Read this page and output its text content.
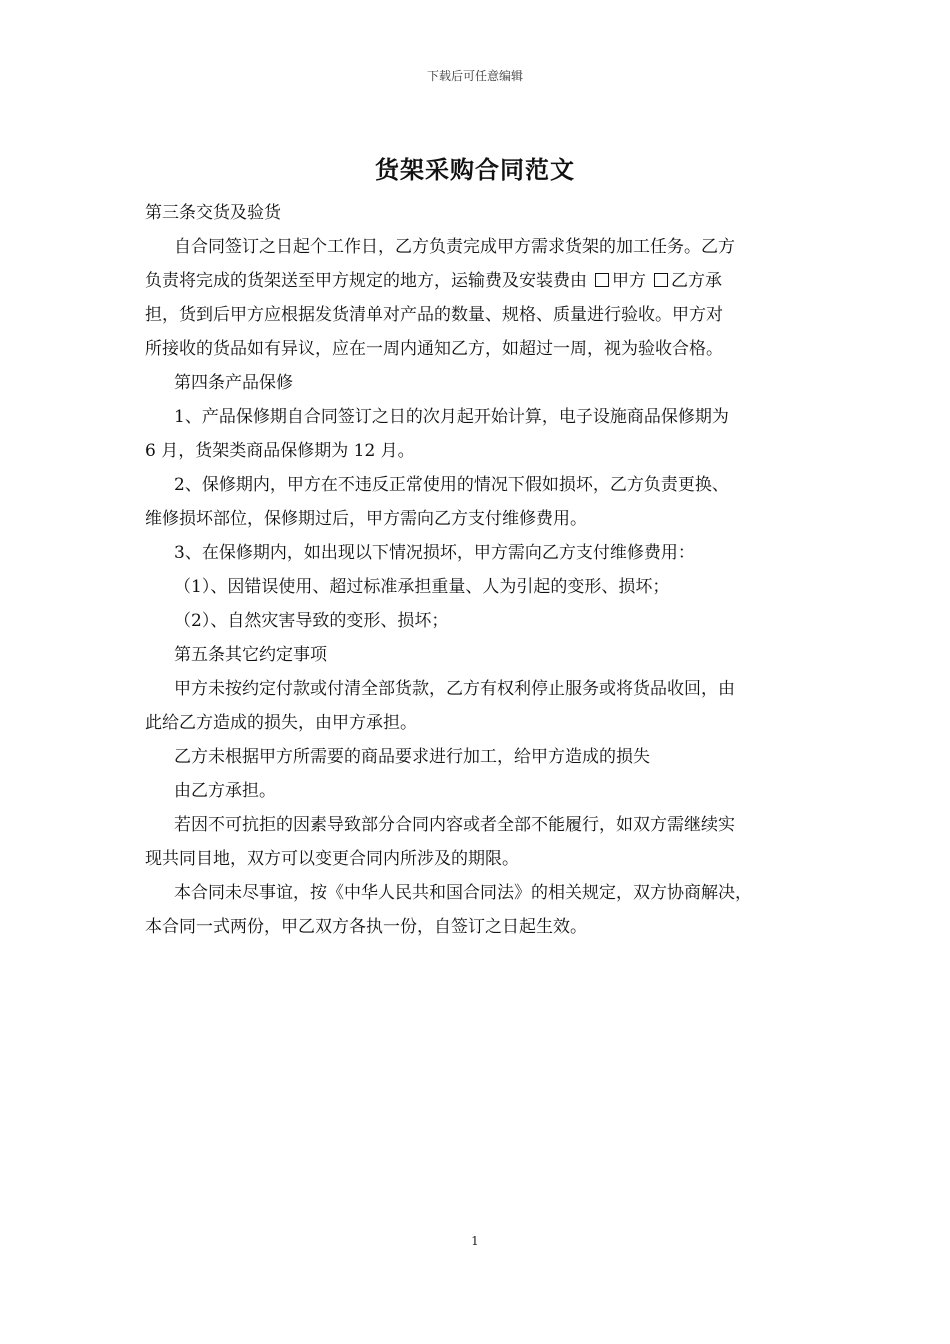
下载后可任意编辑
货架采购合同范文
第三条交货及验货
自合同签订之日起个工作日，乙方负责完成甲方需求货架的加工任务。乙方
负责将完成的货架送至甲方规定的地方，运输费及安装费由 甲方 乙方承
担，货到后甲方应根据发货清单对产品的数量、规格、质量进行验收。甲方对
所接收的货品如有异议，应在一周内通知乙方，如超过一周，视为验收合格。
第四条产品保修
1、产品保修期自合同签订之日的次月起开始计算，电子设施商品保修期为
6 月，货架类商品保修期为 12 月。
2、保修期内，甲方在不违反正常使用的情况下假如损坏，乙方负责更换、
维修损坏部位，保修期过后，甲方需向乙方支付维修费用。
3、在保修期内，如出现以下情况损坏，甲方需向乙方支付维修费用：
（1）、因错误使用、超过标准承担重量、人为引起的变形、损坏；
（2）、自然灾害导致的变形、损坏；
第五条其它约定事项
甲方未按约定付款或付清全部货款，乙方有权利停止服务或将货品收回，由
此给乙方造成的损失，由甲方承担。
乙方未根据甲方所需要的商品要求进行加工，给甲方造成的损失
由乙方承担。
若因不可抗拒的因素导致部分合同内容或者全部不能履行，如双方需继续实
现共同目地，双方可以变更合同内所涉及的期限。
本合同未尽事谊，按《中华人民共和国合同法》的相关规定，双方协商解决，
本合同一式两份，甲乙双方各执一份，自签订之日起生效。
1
